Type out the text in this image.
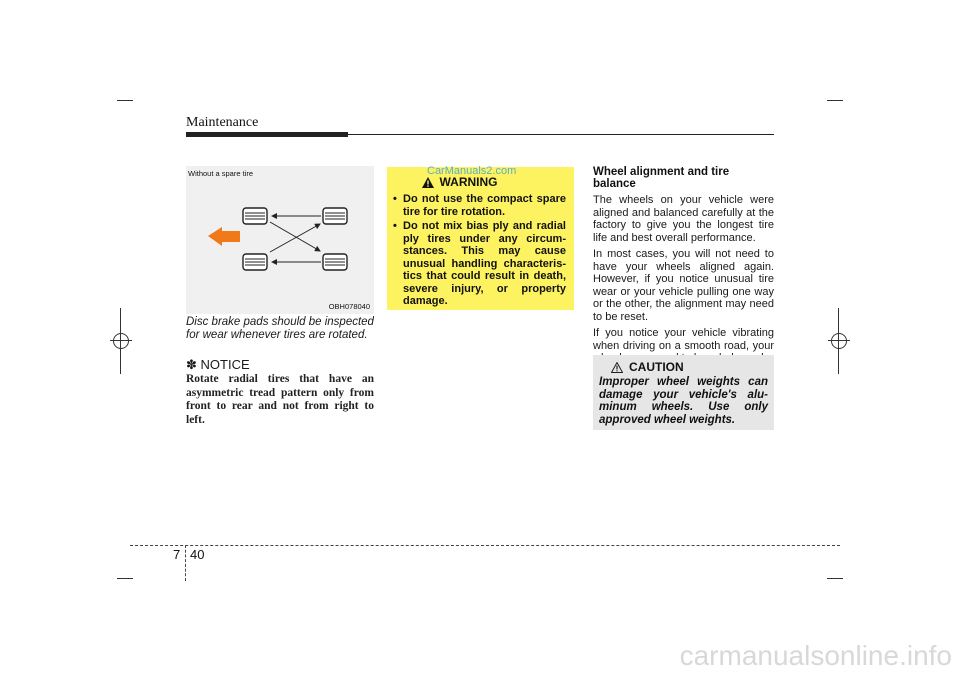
Maintenance
Without a spare tire
OBH078040
Disc brake pads should be inspected for wear whenever tires are rotated.
✽ NOTICE
Rotate radial tires that have an asymmetric tread pattern only from front to rear and not from right to left.
WARNING
• Do not use the compact spare tire for tire rotation.
• Do not mix bias ply and radial ply tires under any circum-stances. This may cause unusual handling characteris-tics that could result in death, severe injury, or property damage.
CarManuals2.com	Wheel alignment and tire balance

The wheels on your vehicle were aligned and balanced carefully at the factory to give you the longest tire life and best overall performance.

In most cases, you will not need to have your wheels aligned again. However, if you notice unusual tire wear or your vehicle pulling one way or the other, the alignment may need to be reset.

If you notice your vehicle vibrating when driving on a smooth road, your

CAUTION
Improper wheel weights can damage your vehicle's alu-minum wheels. Use only approved wheel weights.
7 40
carmanualsonline.info
